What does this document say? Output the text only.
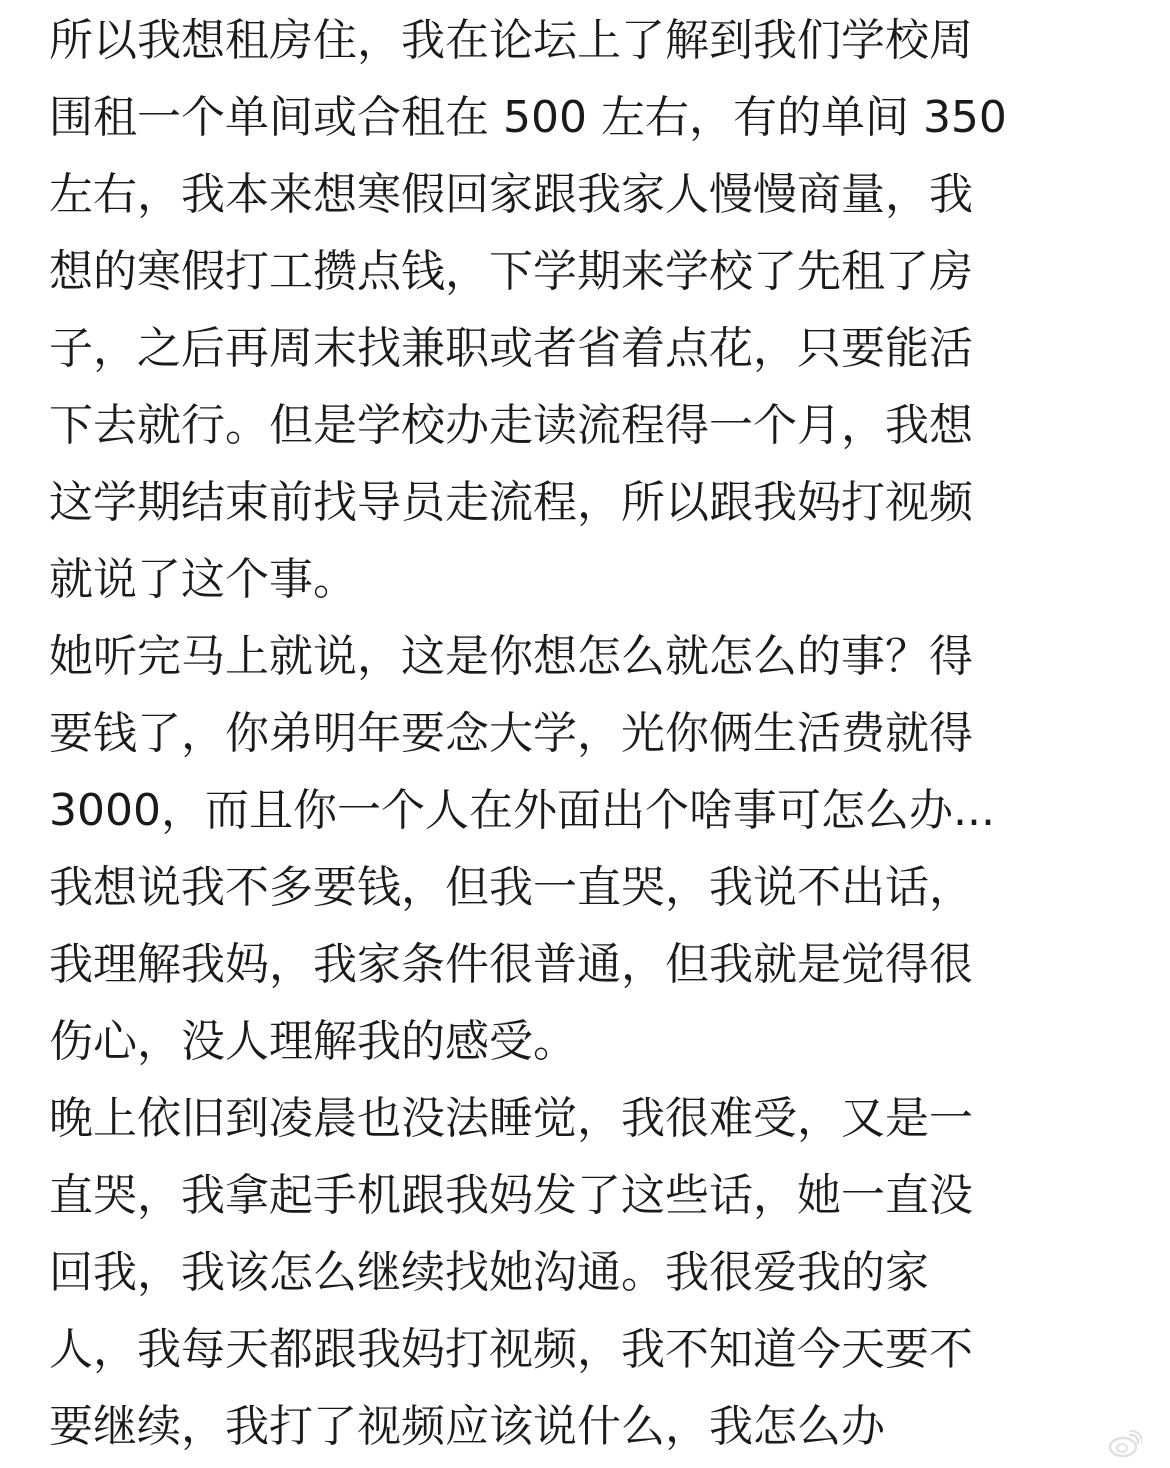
所以我想租房住，我在论坛上了解到我们学校周
围租一个单间或合租在 500 左右，有的单间 350
左右，我本来想寒假回家跟我家人慢慢商量，我
想的寒假打工攒点钱，下学期来学校了先租了房
子，之后再周末找兼职或者省着点花，只要能活
下去就行。但是学校办走读流程得一个月，我想
这学期结束前找导员走流程，所以跟我妈打视频
就说了这个事。
她听完马上就说，这是你想怎么就怎么的事？得
要钱了，你弟明年要念大学，光你俩生活费就得
3000，而且你一个人在外面出个啥事可怎么办...
我想说我不多要钱，但我一直哭，我说不出话，
我理解我妈，我家条件很普通，但我就是觉得很
伤心，没人理解我的感受。
晚上依旧到凌晨也没法睡觉，我很难受，又是一
直哭，我拿起手机跟我妈发了这些话，她一直没
回我，我该怎么继续找她沟通。我很爱我的家
人，我每天都跟我妈打视频，我不知道今天要不
要继续，我打了视频应该说什么，我怎么办
